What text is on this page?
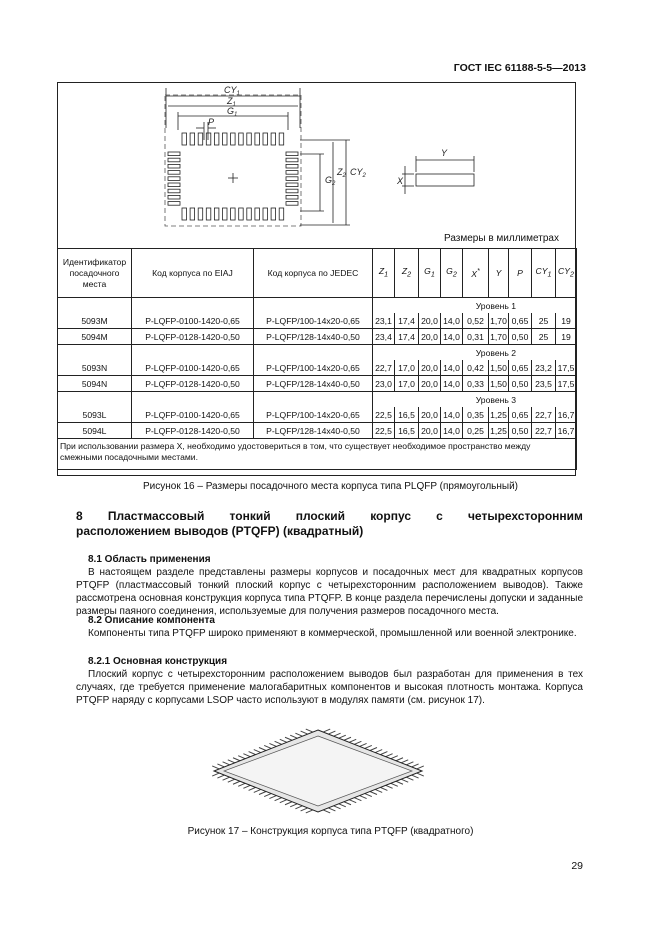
ГОСТ IEC 61188-5-5—2013
$CY_1$
$Z_1$
$G_1$
P
$G_2$
$Z_2$ $CY_2$
Y
X
Размеры в миллиметрах
Идентификатор посадочного места	Код корпуса по EIAJ	Код корпуса по JEDEC	$Z_1$	$Z_2$	$G_1$	$G_2$	X*	Y	P	$CY_1$	$CY_2$
			Уровень 1								
5093M	P-LQFP-0100-1420-0,65	P-LQFP/100-14x20-0,65	23,1	17,4	20,0	14,0	0,52	1,70	0,65	25	19
5094M	P-LQFP-0128-1420-0,50	P-LQFP/128-14x40-0,50	23,4	17,4	20,0	14,0	0,31	1,70	0,50	25	19
			Уровень 2								
5093N	P-LQFP-0100-1420-0,65	P-LQFP/100-14x20-0,65	22,7	17,0	20,0	14,0	0,42	1,50	0,65	23,2	17,5
5094N	P-LQFP-0128-1420-0,50	P-LQFP/128-14x40-0,50	23,0	17,0	20,0	14,0	0,33	1,50	0,50	23,5	17,5
			Уровень 3								
5093L	P-LQFP-0100-1420-0,65	P-LQFP/100-14x20-0,65	22,5	16,5	20,0	14,0	0,35	1,25	0,65	22,7	16,7
5094L	P-LQFP-0128-1420-0,50	P-LQFP/128-14x40-0,50	22,5	16,5	20,0	14,0	0,25	1,25	0,50	22,7	16,7
При использовании размера X, необходимо удостовериться в том, что существует необходимое пространство между смежными посадочными местами.											
Рисунок 16 – Размеры посадочного места корпуса типа PLQFP (прямоугольный)
8 Пластмассовый тонкий плоский корпус с четырехсторонним
расположением выводов (PTQFP) (квадратный)
8.1 Область применения

В настоящем разделе представлены размеры корпусов и посадочных мест для квадратных корпусов PTQFP (пластмассовый тонкий плоский корпус с четырехсторонним расположением выводов). Также рассмотрена основная конструкция корпуса типа PTQFP. В конце раздела перечислены допуски и заданные размеры паяного соединения, используемые для получения размеров посадочного места.

8.2 Описание компонента

Компоненты типа PTQFP широко применяют в коммерческой, промышленной или военной электронике.

8.2.1 Основная конструкция

Плоский корпус с четырехсторонним расположением выводов был разработан для применения в тех случаях, где требуется применение малогабаритных компонентов и высокая плотность монтажа. Корпуса PTQFP наряду с корпусами LSOP часто используют в модулях памяти (см. рисунок 17).

Рисунок 17 – Конструкция корпуса типа PTQFP (квадратного)
29
